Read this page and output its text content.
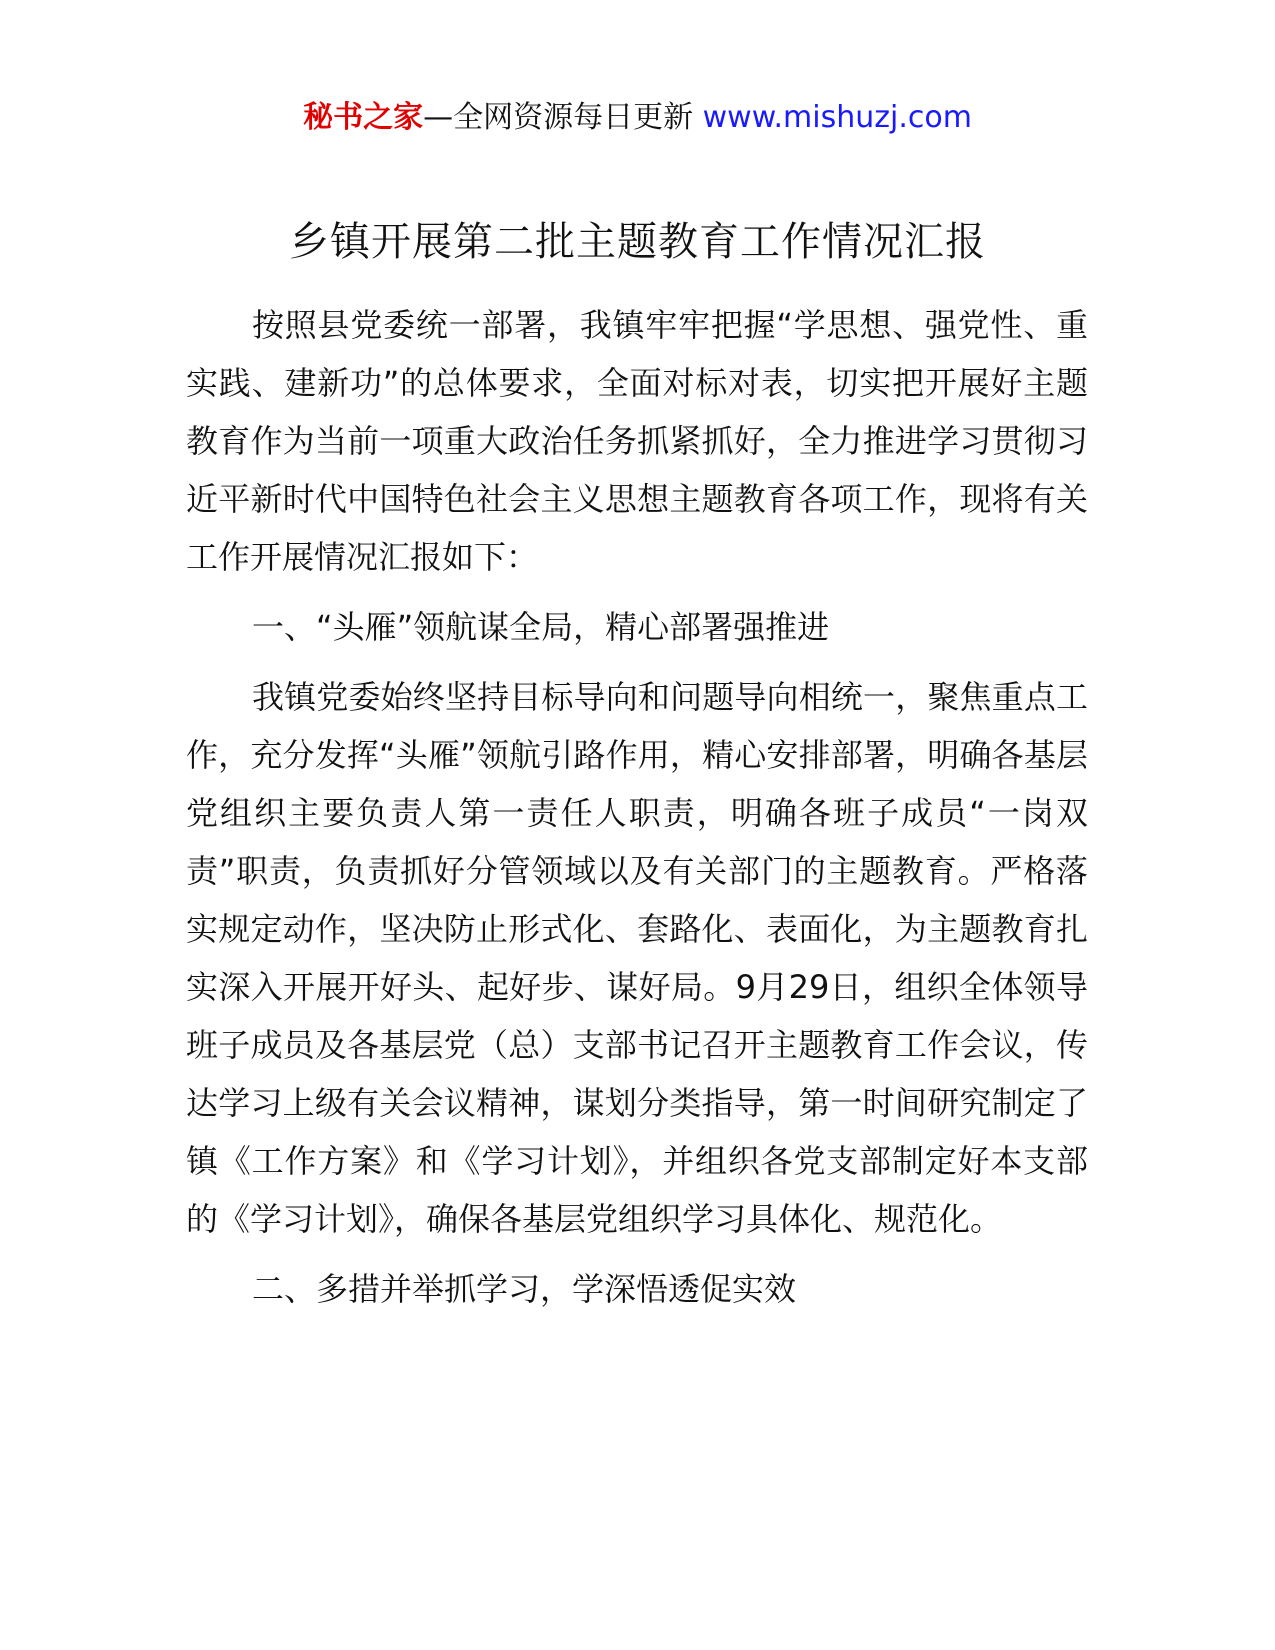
秘书之家—全网资源每日更新 www.mishuzj.com
乡镇开展第二批主题教育工作情况汇报

按照县党委统一部署，我镇牢牢把握“学思想、强党性、重实践、建新功”的总体要求，全面对标对表，切实把开展好主题教育作为当前一项重大政治任务抓紧抓好，全力推进学习贯彻习近平新时代中国特色社会主义思想主题教育各项工作，现将有关工作开展情况汇报如下：

一、“头雁”领航谋全局，精心部署强推进

我镇党委始终坚持目标导向和问题导向相统一，聚焦重点工作，充分发挥“头雁”领航引路作用，精心安排部署，明确各基层党组织主要负责人第一责任人职责，明确各班子成员“一岗双责”职责，负责抓好分管领域以及有关部门的主题教育。严格落实规定动作，坚决防止形式化、套路化、表面化，为主题教育扎实深入开展开好头、起好步、谋好局。9月29日，组织全体领导班子成员及各基层党（总）支部书记召开主题教育工作会议，传达学习上级有关会议精神，谋划分类指导，第一时间研究制定了镇《工作方案》和《学习计划》，并组织各党支部制定好本支部的《学习计划》，确保各基层党组织学习具体化、规范化。

二、多措并举抓学习，学深悟透促实效
